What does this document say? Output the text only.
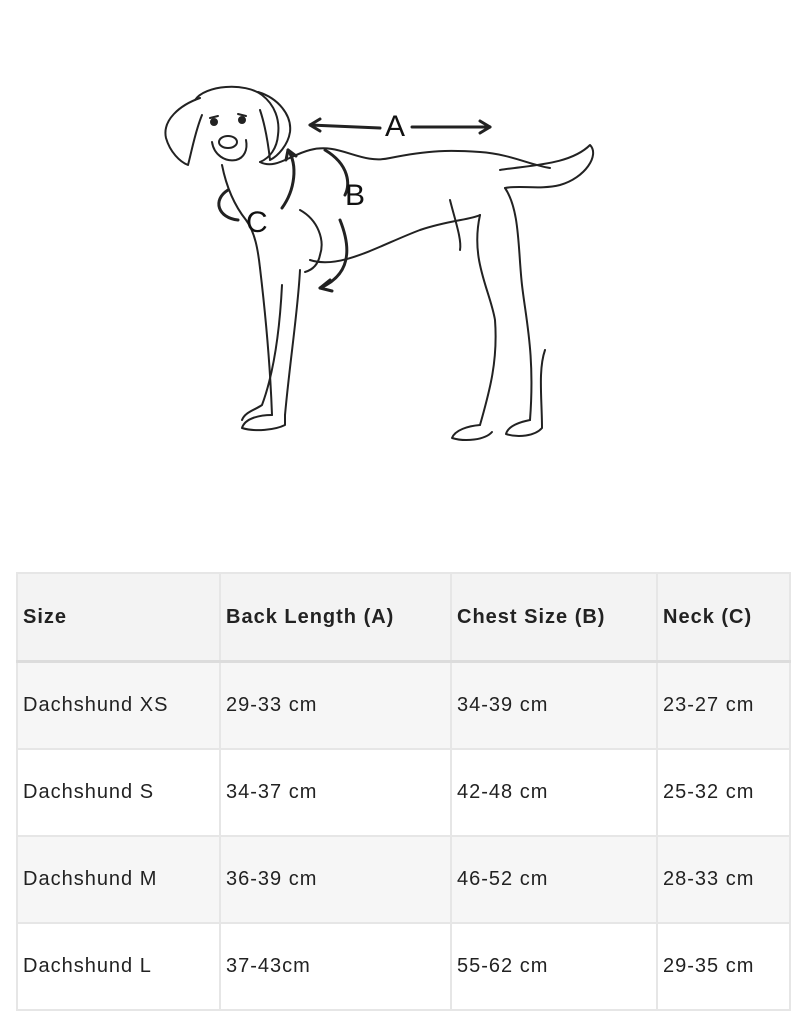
A
B
C
Size	Back Length (A)	Chest Size (B)	Neck (C)
Dachshund XS	29-33 cm	34-39 cm	23-27 cm
Dachshund S	34-37 cm	42-48 cm	25-32 cm
Dachshund M	36-39 cm	46-52 cm	28-33 cm
Dachshund L	37-43cm	55-62 cm	29-35 cm
